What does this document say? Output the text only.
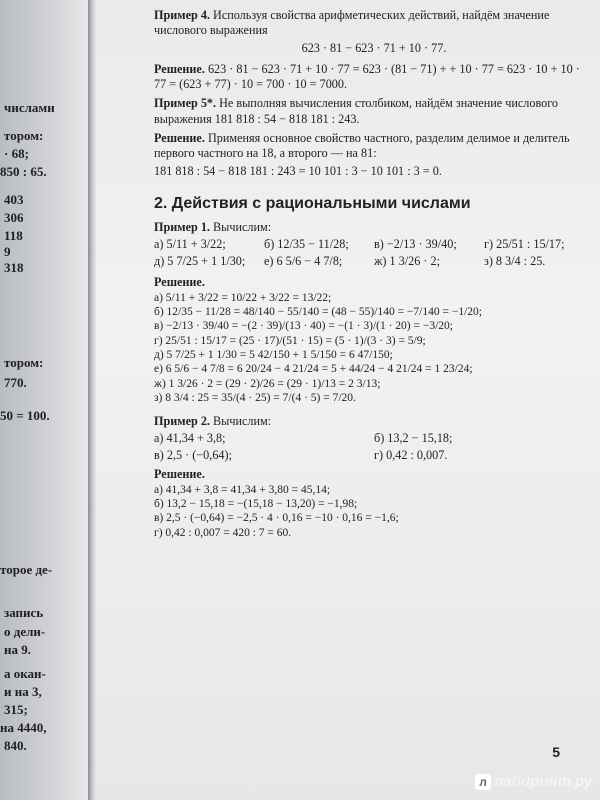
числами
тором:
· 68;
850 : 65.
403
306
118
9
318
тором:
770.
50 = 100.
торое де-
запись
о дели-
на 9.
а окан-
и на 3,
315;
на 4440,
840.

Пример 4. Используя свойства арифметических действий, найдём значение числового выражения

623 · 81 − 623 · 71 + 10 · 77.

Решение. 623 · 81 − 623 · 71 + 10 · 77 = 623 · (81 − 71) + + 10 · 77 = 623 · 10 + 10 · 77 = (623 + 77) · 10 = 700 · 10 = 7000.

Пример 5*. Не выполняя вычисления столбиком, найдём значение числового выражения 181 818 : 54 − 818 181 : 243.

Решение. Применяя основное свойство частного, разделим делимое и делитель первого частного на 18, а второго — на 81:

181 818 : 54 − 818 181 : 243 = 10 101 : 3 − 10 101 : 3 = 0.

2. Действия с рациональными числами

Пример 1. Вычислим:

а) 5/11 + 3/22;	б) 12/35 − 11/28;	в) −2/13 · 39/40;	г) 25/51 : 15/17;
д) 5 7/25 + 1 1/30;	е) 6 5/6 − 4 7/8;	ж) 1 3/26 · 2;	з) 8 3/4 : 25.

Решение.

а) 5/11 + 3/22 = 10/22 + 3/22 = 13/22;

б) 12/35 − 11/28 = 48/140 − 55/140 = (48 − 55)/140 = −7/140 = −1/20;

в) −2/13 · 39/40 = −(2 · 39)/(13 · 40) = −(1 · 3)/(1 · 20) = −3/20;

г) 25/51 : 15/17 = (25 · 17)/(51 · 15) = (5 · 1)/(3 · 3) = 5/9;

д) 5 7/25 + 1 1/30 = 5 42/150 + 1 5/150 = 6 47/150;

е) 6 5/6 − 4 7/8 = 6 20/24 − 4 21/24 = 5 + 44/24 − 4 21/24 = 1 23/24;

ж) 1 3/26 · 2 = (29 · 2)/26 = (29 · 1)/13 = 2 3/13;

з) 8 3/4 : 25 = 35/(4 · 25) = 7/(4 · 5) = 7/20.

Пример 2. Вычислим:

а) 41,34 + 3,8;	б) 13,2 − 15,18;
в) 2,5 · (−0,64);	г) 0,42 : 0,007.

Решение.

а) 41,34 + 3,8 = 41,34 + 3,80 = 45,14;

б) 13,2 − 15,18 = −(15,18 − 13,20) = −1,98;

в) 2,5 · (−0,64) = −2,5 · 4 · 0,16 = −10 · 0,16 = −1,6;

г) 0,42 : 0,007 = 420 : 7 = 60.

5
л лабиринт.ру
